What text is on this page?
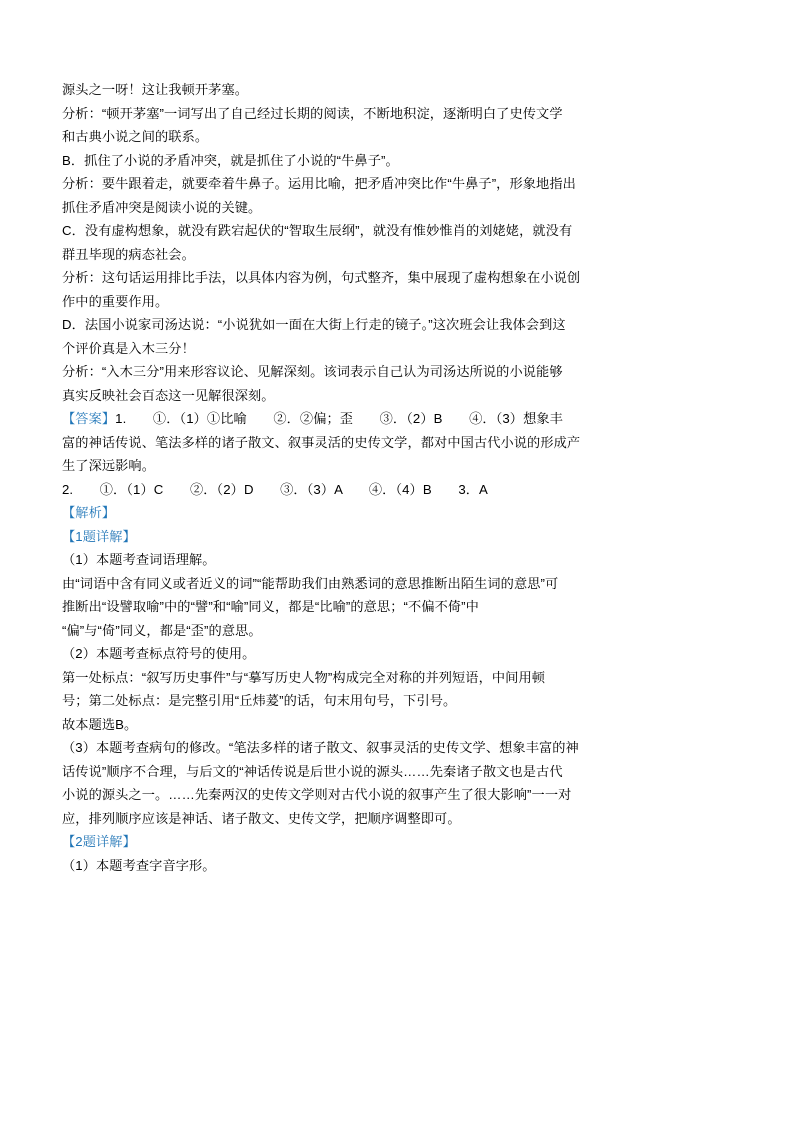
源头之一呀！这让我顿开茅塞。
分析：“顿开茅塞”一词写出了自己经过长期的阅读，不断地积淀，逐渐明白了史传文学
和古典小说之间的联系。
B．抓住了小说的矛盾冲突，就是抓住了小说的“牛鼻子”。
分析：要牛跟着走，就要牵着牛鼻子。运用比喻，把矛盾冲突比作“牛鼻子”，形象地指出
抓住矛盾冲突是阅读小说的关键。
C．没有虚构想象，就没有跌宕起伏的“智取生辰纲”，就没有惟妙惟肖的刘姥姥，就没有
群丑毕现的病态社会。
分析：这句话运用排比手法，以具体内容为例，句式整齐，集中展现了虚构想象在小说创
作中的重要作用。
D．法国小说家司汤达说：“小说犹如一面在大街上行走的镜子。”这次班会让我体会到这
个评价真是入木三分！
分析：“入木三分”用来形容议论、见解深刻。该词表示自己认为司汤达所说的小说能够
真实反映社会百态这一见解很深刻。
【答案】1.　　①．（1）①比喻　　②．②偏；歪　　③．（2）B　　④．（3）想象丰
富的神话传说、笔法多样的诸子散文、叙事灵活的史传文学，都对中国古代小说的形成产
生了深远影响。
2.　　①．（1）C　　②．（2）D　　③．（3）A　　④．（4）B　　3．A
【解析】
【1题详解】
（1）本题考查词语理解。
由“词语中含有同义或者近义的词”“能帮助我们由熟悉词的意思推断出陌生词的意思”可
推断出“设譬取喻”中的“譬”和“喻”同义，都是“比喻”的意思；“不偏不倚”中
“偏”与“倚”同义，都是“歪”的意思。
（2）本题考查标点符号的使用。
第一处标点：“叙写历史事件”与“摹写历史人物”构成完全对称的并列短语，中间用顿
号；第二处标点：是完整引用“丘炜萲”的话，句末用句号，下引号。
故本题选B。
（3）本题考查病句的修改。“笔法多样的诸子散文、叙事灵活的史传文学、想象丰富的神
话传说”顺序不合理，与后文的“神话传说是后世小说的源头……先秦诸子散文也是古代
小说的源头之一。……先秦两汉的史传文学则对古代小说的叙事产生了很大影响”一一对
应，排列顺序应该是神话、诸子散文、史传文学，把顺序调整即可。
【2题详解】
（1）本题考查字音字形。
